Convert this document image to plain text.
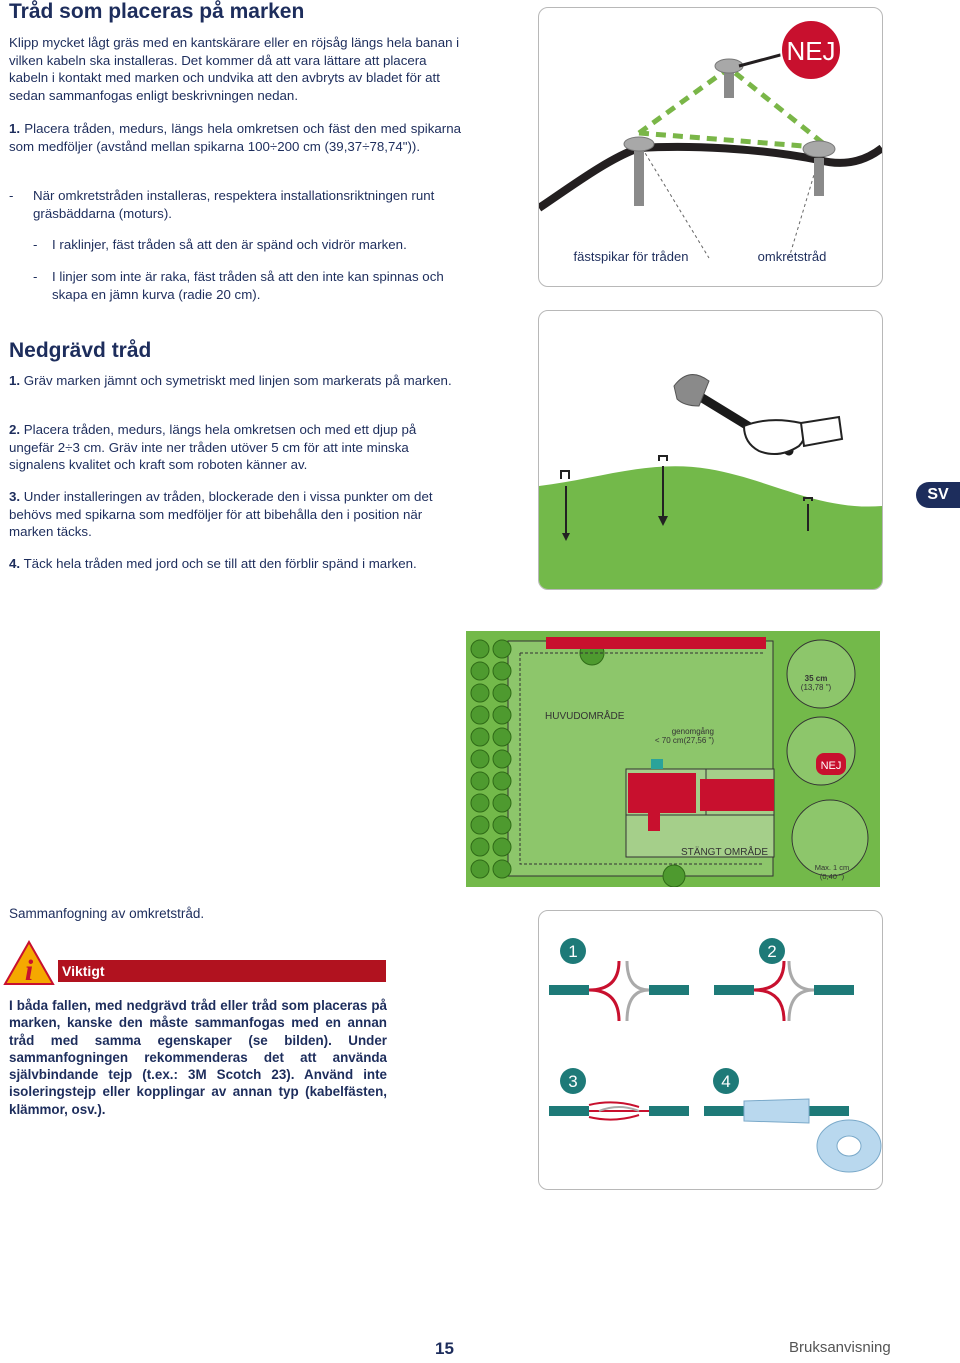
Tråd som placeras på marken
Klipp mycket lågt gräs med en kantskärare eller en röjsåg längs hela banan i vilken kabeln ska installeras. Det kommer då att vara lättare att placera kabeln i kontakt med marken och undvika att den avbryts av bladet för att sedan sammanfogas enligt beskrivningen nedan.
1. Placera tråden, medurs, längs hela omkretsen och fäst den med spikarna som medföljer (avstånd mellan spikarna 100÷200 cm (39,37÷78,74")).
- När omkretstråden installeras, respektera installationsriktningen runt gräsbäddarna (moturs).
- I raklinjer, fäst tråden så att den är spänd och vidrör marken.
- I linjer som inte är raka, fäst tråden så att den inte kan spinnas och skapa en jämn kurva (radie 20 cm).
NEJ
fästspikar för tråden	omkretstråd
Nedgrävd tråd
1. Gräv marken jämnt och symetriskt med linjen som markerats på marken.
2. Placera tråden, medurs, längs hela omkretsen och med ett djup på ungefär 2÷3 cm. Gräv inte ner tråden utöver 5 cm för att inte minska signalens kvalitet och kraft som roboten känner av.
3. Under installeringen av tråden, blockerade den i vissa punkter om det behövs med spikarna som medföljer för att bibehålla den i position när marken täcks.
4. Täck hela tråden med jord och se till att den förblir spänd i marken.
SV
NEJ
HUVUDOMRÅDE
genomgång
< 70 cm(27,56 ")
STÄNGT OMRÅDE
35 cm
(13,78 ")
Max. 1 cm
(0,40 ")
Sammanfogning av omkretstråd.
i Viktigt
I båda fallen, med nedgrävd tråd eller tråd som placeras på marken, kanske den måste sammanfogas med en annan tråd med samma egenskaper (se bilden). Under sammanfogningen rekommenderas det att använda självbindande tejp (t.ex.: 3M Scotch 23). Använd inte isoleringstejp eller kopplingar av annan typ (kabelfästen, klämmor, osv.).
1	2
3	4
15	Bruksanvisning
